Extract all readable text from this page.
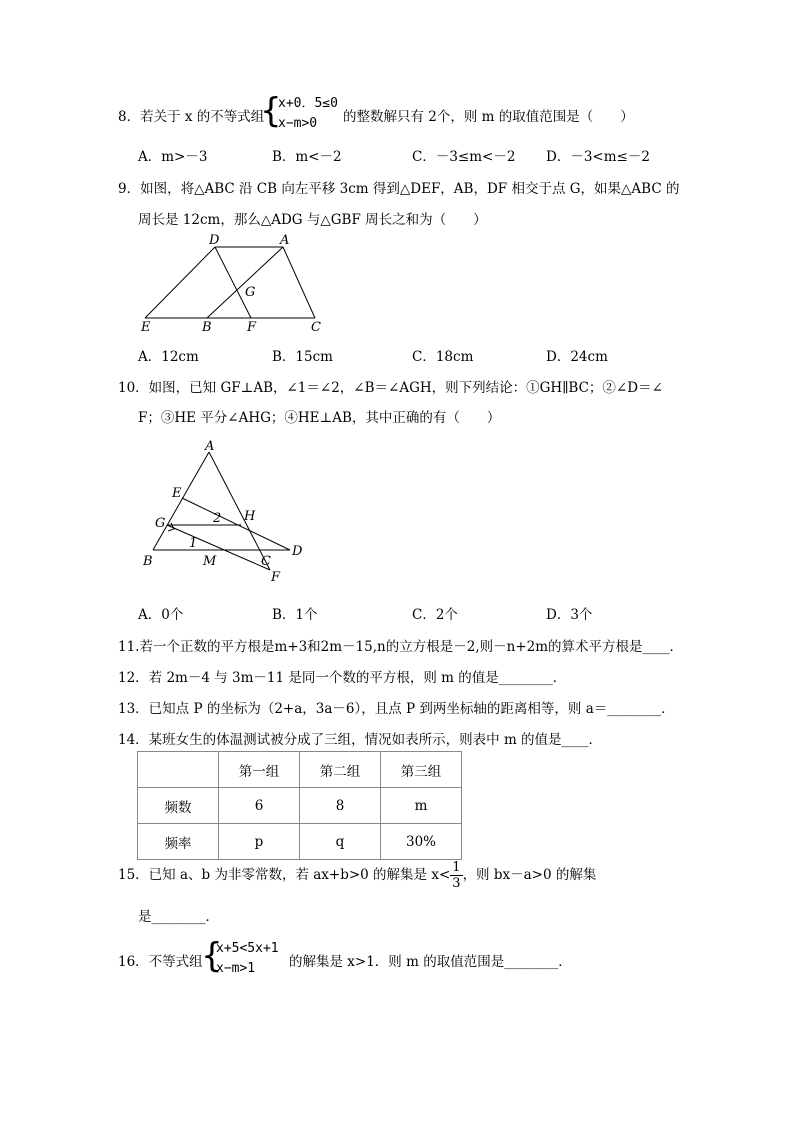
8．若关于 x 的不等式组
{
x+0．5≤0
x−m>0	的整数解只有 2个，则 m 的取值范围是（　　）
A．m>－3	B．m<－2	C．－3≤m<－2 D．－3<m≤－2
9．如图，将△ABC 沿 CB 向左平移 3cm 得到△DEF，AB，DF 相交于点 G，如果△ABC 的
周长是 12cm，那么△ADG 与△GBF 周长之和为（　　）
D	A
G
E	B	F	C
A．12cm	B．15cm	C．18cm	D．24cm
10．如图，已知 GF⊥AB，∠1＝∠2，∠B＝∠AGH，则下列结论：①GH∥BC；②∠D＝∠
F；③HE 平分∠AHG；④HE⊥AB，其中正确的有（　　）
A
E
G	2 H
1
B	M	C
D
F
A．0个	B．1个	C．2个	D．3个
11.若一个正数的平方根是m+3和2m－15,n的立方根是－2,则－n+2m的算术平方根是____．
12．若 2m－4 与 3m－11 是同一个数的平方根，则 m 的值是________．
13．已知点 P 的坐标为（2+a，3a－6），且点 P 到两坐标轴的距离相等，则 a＝________．
14．某班女生的体温测试被分成了三组，情况如表所示，则表中 m 的值是____．
	第一组	第二组	第三组
频数	6	8	m
频率	p	q	30%
15．已知 a、b 为非零常数，若 ax+b>0 的解集是 $x< \frac{1}{3}$ ，则 bx－a>0 的解集
是________．
16．不等式组
{
x+5<5x+1
x−m>1	的解集是 x>1．则 m 的取值范围是________．
